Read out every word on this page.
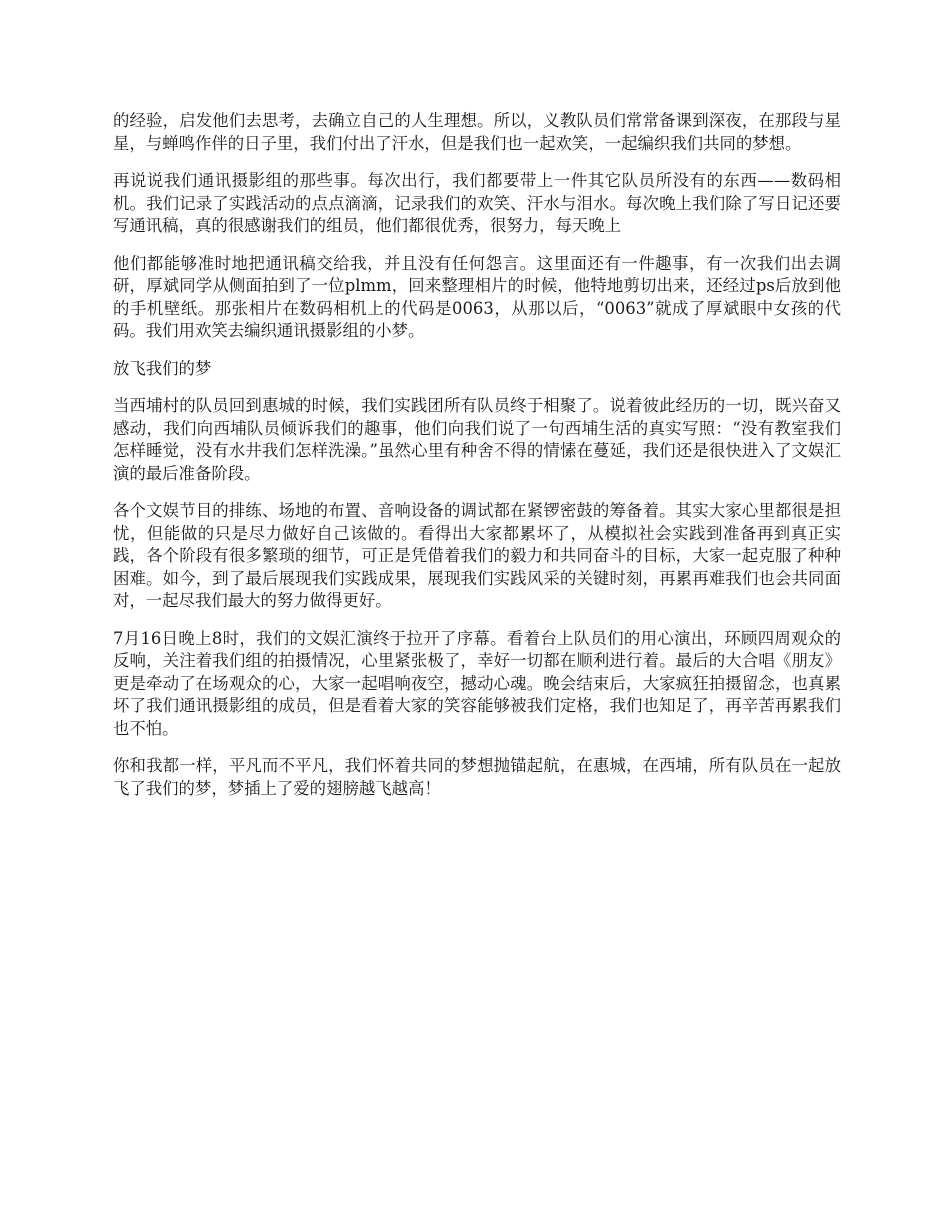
的经验，启发他们去思考，去确立自己的人生理想。所以，义教队员们常常备课到深夜，在那段与星星，与蝉鸣作伴的日子里，我们付出了汗水，但是我们也一起欢笑，一起编织我们共同的梦想。

再说说我们通讯摄影组的那些事。每次出行，我们都要带上一件其它队员所没有的东西——数码相机。我们记录了实践活动的点点滴滴，记录我们的欢笑、汗水与泪水。每次晚上我们除了写日记还要写通讯稿，真的很感谢我们的组员，他们都很优秀，很努力，每天晚上

他们都能够准时地把通讯稿交给我，并且没有任何怨言。这里面还有一件趣事，有一次我们出去调研，厚斌同学从侧面拍到了一位plmm，回来整理相片的时候，他特地剪切出来，还经过ps后放到他的手机壁纸。那张相片在数码相机上的代码是0063，从那以后，“0063”就成了厚斌眼中女孩的代码。我们用欢笑去编织通讯摄影组的小梦。

放飞我们的梦

当西埔村的队员回到惠城的时候，我们实践团所有队员终于相聚了。说着彼此经历的一切，既兴奋又感动，我们向西埔队员倾诉我们的趣事，他们向我们说了一句西埔生活的真实写照：“没有教室我们怎样睡觉，没有水井我们怎样洗澡。”虽然心里有种舍不得的情愫在蔓延，我们还是很快进入了文娱汇演的最后准备阶段。

各个文娱节目的排练、场地的布置、音响设备的调试都在紧锣密鼓的筹备着。其实大家心里都很是担忧，但能做的只是尽力做好自己该做的。看得出大家都累坏了，从模拟社会实践到准备再到真正实践，各个阶段有很多繁琐的细节，可正是凭借着我们的毅力和共同奋斗的目标，大家一起克服了种种困难。如今，到了最后展现我们实践成果，展现我们实践风采的关键时刻，再累再难我们也会共同面对，一起尽我们最大的努力做得更好。

7月16日晚上8时，我们的文娱汇演终于拉开了序幕。看着台上队员们的用心演出，环顾四周观众的反响，关注着我们组的拍摄情况，心里紧张极了，幸好一切都在顺利进行着。最后的大合唱《朋友》更是牵动了在场观众的心，大家一起唱响夜空，撼动心魂。晚会结束后，大家疯狂拍摄留念，也真累坏了我们通讯摄影组的成员，但是看着大家的笑容能够被我们定格，我们也知足了，再辛苦再累我们也不怕。

你和我都一样，平凡而不平凡，我们怀着共同的梦想抛锚起航，在惠城，在西埔，所有队员在一起放飞了我们的梦，梦插上了爱的翅膀越飞越高！
